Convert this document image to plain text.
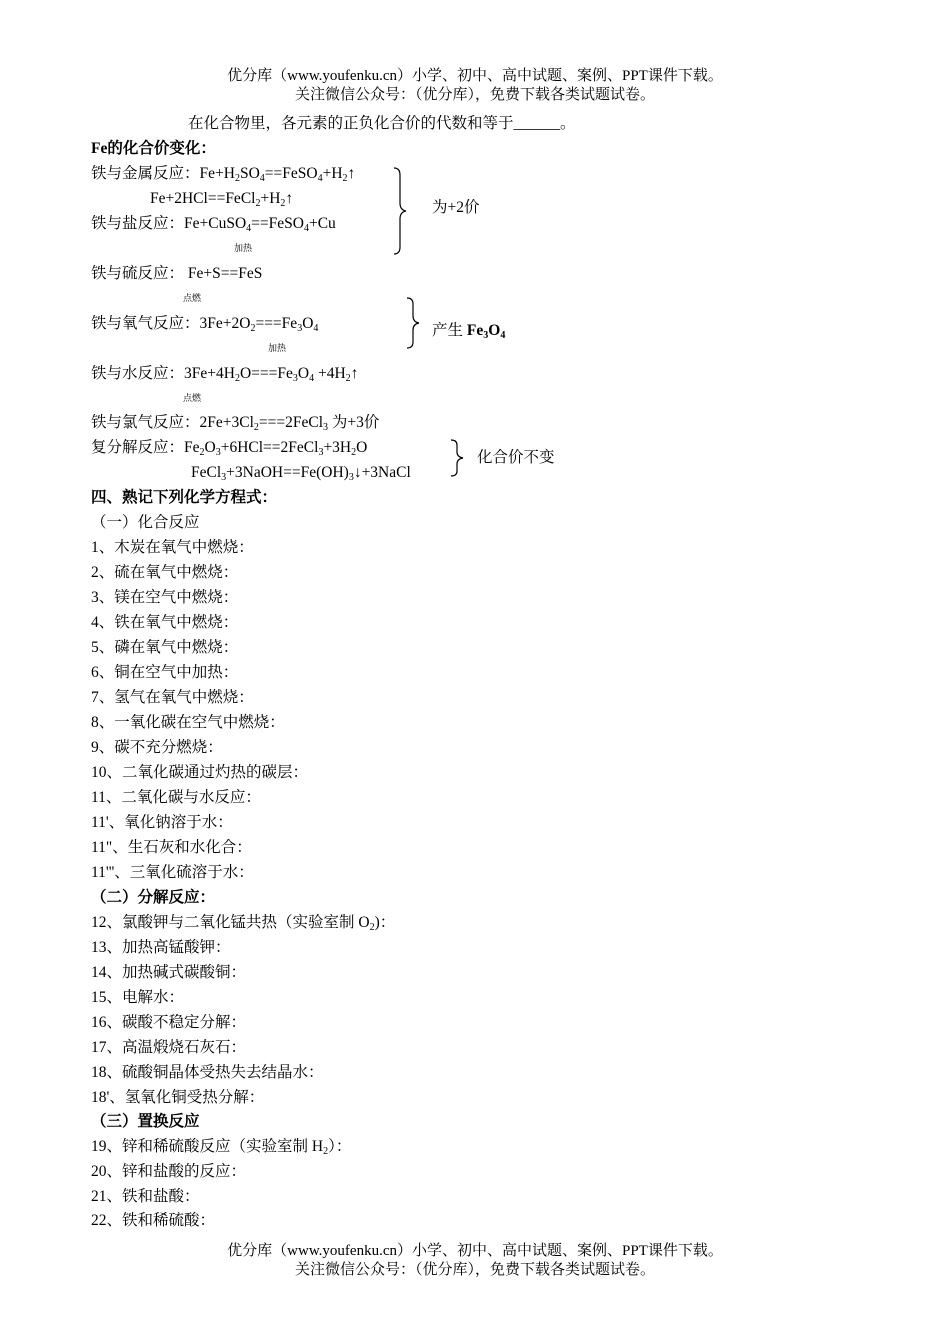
优分库（www.youfenku.cn）小学、初中、高中试题、案例、PPT课件下载。
关注微信公众号：（优分库），免费下载各类试题试卷。
在化合物里，各元素的正负化合价的代数和等于______。
Fe的化合价变化：
铁与金属反应：$Fe+H_2SO_4==FeSO_4+H_2↑$
$Fe+2HCl==FeCl_2+H_2↑$
铁与盐反应：Fe+CuSO$_4$==FeSO$_4$+Cu
为+2价
加热
铁与硫反应： Fe+S==FeS
点燃
铁与氧气反应：$3Fe+2O_2===Fe_3O_4$	产生 $Fe_3O_4$
加热
铁与水反应：$3Fe+4H_2O===Fe_3O_4$ $+4H_2↑$
点燃
铁与氯气反应：$2Fe+3Cl_2===2FeCl_3$ 为+3价
复分解反应：$Fe_2O_3+6HCl==2FeCl_3+3H_2O$
$FeCl_3+3NaOH==Fe(OH)_3↓+3NaCl$
化合价不变
四、熟记下列化学方程式：
（一）化合反应
1、木炭在氧气中燃烧：
2、硫在氧气中燃烧：
3、镁在空气中燃烧：
4、铁在氧气中燃烧：
5、磷在氧气中燃烧：
6、铜在空气中加热：
7、氢气在氧气中燃烧：
8、一氧化碳在空气中燃烧：
9、碳不充分燃烧：
10、二氧化碳通过灼热的碳层：
11、二氧化碳与水反应：
11'、氧化钠溶于水：
11"、生石灰和水化合：
11'''、三氧化硫溶于水：
（二）分解反应：
12、氯酸钾与二氧化锰共热（实验室制 $O_2$)：
13、加热高锰酸钾：
14、加热碱式碳酸铜：
15、电解水：
16、碳酸不稳定分解：
17、高温煅烧石灰石：
18、硫酸铜晶体受热失去结晶水：
18'、氢氧化铜受热分解：
（三）置换反应
19、锌和稀硫酸反应（实验室制 $H_2$）：
20、锌和盐酸的反应：
21、铁和盐酸：
22、铁和稀硫酸：
优分库（www.youfenku.cn）小学、初中、高中试题、案例、PPT课件下载。
关注微信公众号：（优分库），免费下载各类试题试卷。
